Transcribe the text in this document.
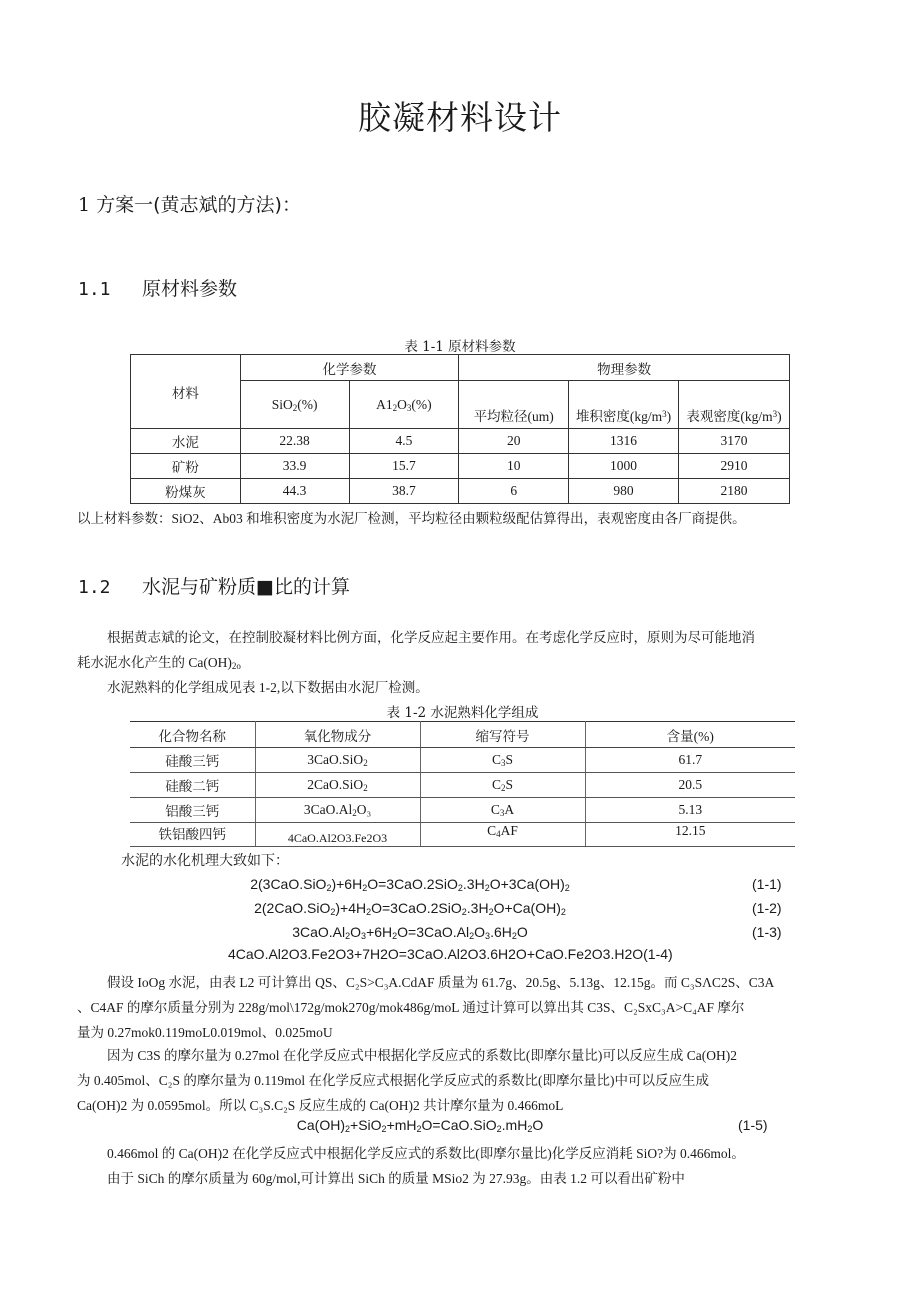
胶凝材料设计
1 方案一(黄志斌的方法)：
1.1 原材料参数
表 1-1 原材料参数
材料	化学参数		物理参数		
	SiO$_2$(%)	$A1_2O_3(\%)$	平均粒径(um)	堆积密度$(kg/m^3)$	表观密度$(kg/m^3)$
水泥	22.38	4.5	20	1316	3170
矿粉	33.9	15.7	10	1000	2910
粉煤灰	44.3	38.7	6	980	2180
以上材料参数：SiO2、Ab03 和堆积密度为水泥厂检测，平均粒径由颗粒级配估算得出，表观密度由各厂商提供。
1.2 水泥与矿粉质■比的计算
根据黄志斌的论文，在控制胶凝材料比例方面，化学反应起主要作用。在考虑化学反应时，原则为尽可能地消
耗水泥水化产生的 $Ca(OH)_{2o}$
水泥熟料的化学组成见表 1-2,以下数据由水泥厂检测。
表 1-2 水泥熟料化学组成
化合物名称	氧化物成分	缩写符号	含量(%)
硅酸三钙	3CaO.SiO$_2$	$C_3S$	61.7
硅酸二钙	2CaO.SiO$_2$	$C_2S$	20.5
铝酸三钙	$3CaO.Al_2O_3$	$C_3A$	5.13
铁铝酸四钙	4CaO.Al2O3.Fe2O3	$C_4AF$	12.15
水泥的水化机理大致如下：
$2(3CaO.SiO_2)+6H_2O=3CaO.2SiO_2.3H_2O+3Ca(OH)_2$	(1-1)
$2(2CaO.SiO_2)+4H_2O=3CaO.2SiO_2.3H_2O+Ca(OH)_2$	(1-2)
$3CaO.Al_2O_3+6H_2O=3CaO.Al_2O_3.6H_2O$	(1-3)
4CaO.Al2O3.Fe2O3+7H2O=3CaO.Al2O3.6H2O+CaO.Fe2O3.H2O(1-4)
假设 IoOg 水泥，由表 L2 可计算出 QS、C₂S>C₃A.CdAF 质量为 61.7g、20.5g、5.13g、12.15g。而 C₃SΛC2S、C3A
、C4AF 的摩尔质量分别为 228g/mol\172g/mok270g/mok486g/moL 通过计算可以算出其 C3S、C₂SxC₃A>C₄AF 摩尔
量为 0.27mok0.119moL0.019mol、0.025moU
因为 C3S 的摩尔量为 0.27mol 在化学反应式中根据化学反应式的系数比(即摩尔量比)可以反应生成 Ca(OH)2
为 0.405mol、C₂S 的摩尔量为 0.119mol 在化学反应式根据化学反应式的系数比(即摩尔量比)中可以反应生成
Ca(OH)2 为 0.0595mol。所以 C₃S.C₂S 反应生成的 Ca(OH)2 共计摩尔量为 0.466moL
$Ca(OH)_2+SiO_2+mH_2O=CaO.SiO_2.mH_2O$	(1-5)
0.466mol 的 Ca(OH)2 在化学反应式中根据化学反应式的系数比(即摩尔量比)化学反应消耗 SiO?为 0.466mol。
由于 SiCh 的摩尔质量为 60g/mol,可计算出 SiCh 的质量 MSio2 为 27.93g。由表 1.2 可以看出矿粉中
